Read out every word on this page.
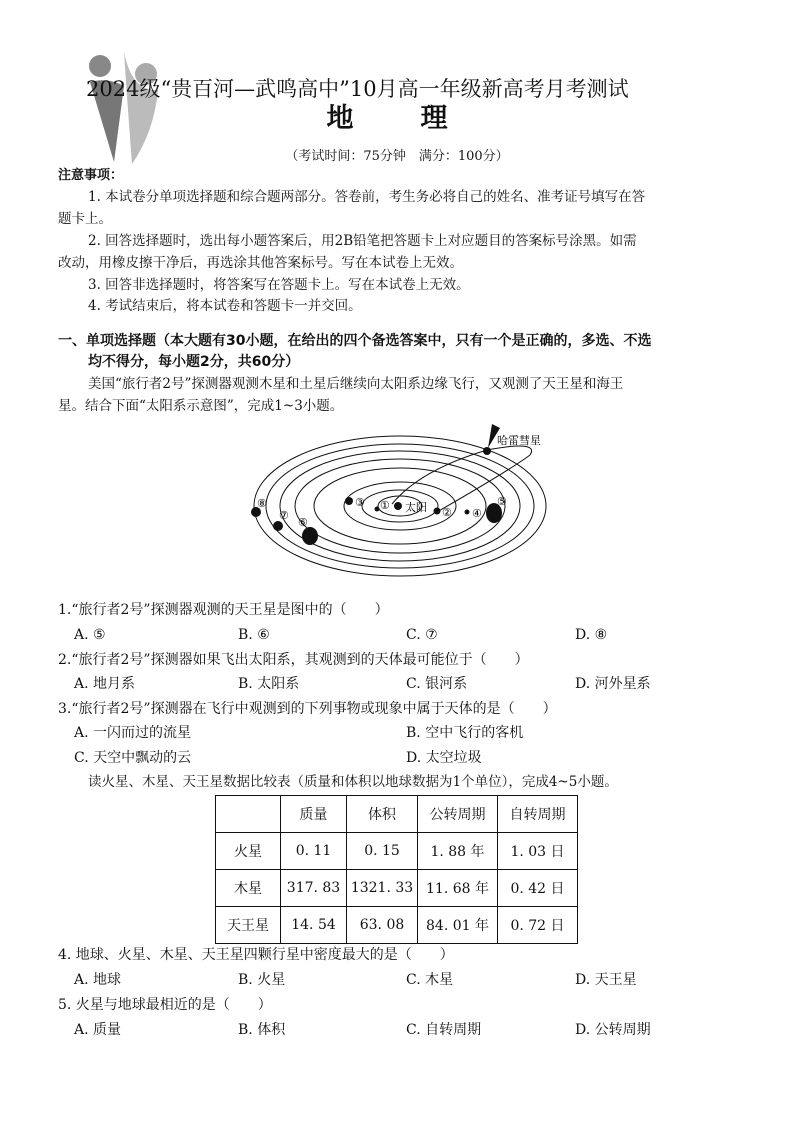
2024级“贵百河—武鸣高中”10月高一年级新高考月考测试
地　理
（考试时间：75分钟　满分：100分）
注意事项：
1. 本试卷分单项选择题和综合题两部分。答卷前，考生务必将自己的姓名、准考证号填写在答
题卡上。
2. 回答选择题时，选出每小题答案后，用2B铅笔把答题卡上对应题目的答案标号涂黑。如需
改动，用橡皮擦干净后，再选涂其他答案标号。写在本试卷上无效。
3. 回答非选择题时，将答案写在答题卡上。写在本试卷上无效。
4. 考试结束后，将本试卷和答题卡一并交回。
一、单项选择题（本大题有30小题，在给出的四个备选答案中，只有一个是正确的，多选、不选
均不得分，每小题2分，共60分）
美国“旅行者2号”探测器观测木星和土星后继续向太阳系边缘飞行，又观测了天王星和海王
星。结合下面“太阳系示意图”，完成1~3小题。
哈雷彗星
太阳
①
②
③
④
⑤
⑥
⑦
⑧
1.“旅行者2号”探测器观测的天王星是图中的（　　）
A. ⑤	B. ⑥	C. ⑦	D. ⑧
2.“旅行者2号”探测器如果飞出太阳系，其观测到的天体最可能位于（　　）
A. 地月系	B. 太阳系	C. 银河系	D. 河外星系
3.“旅行者2号”探测器在飞行中观测到的下列事物或现象中属于天体的是（　　）
A. 一闪而过的流星	B. 空中飞行的客机
C. 天空中飘动的云	D. 太空垃圾
读火星、木星、天王星数据比较表（质量和体积以地球数据为1个单位），完成4~5小题。
	质量	体积	公转周期	自转周期
火星	0. 11	0. 15	1. 88 年	1. 03 日
木星	317. 83	1321. 33	11. 68 年	0. 42 日
天王星	14. 54	63. 08	84. 01 年	0. 72 日
4. 地球、火星、木星、天王星四颗行星中密度最大的是（　　）
A. 地球	B. 火星	C. 木星	D. 天王星
5. 火星与地球最相近的是（　　）
A. 质量	B. 体积	C. 自转周期	D. 公转周期
